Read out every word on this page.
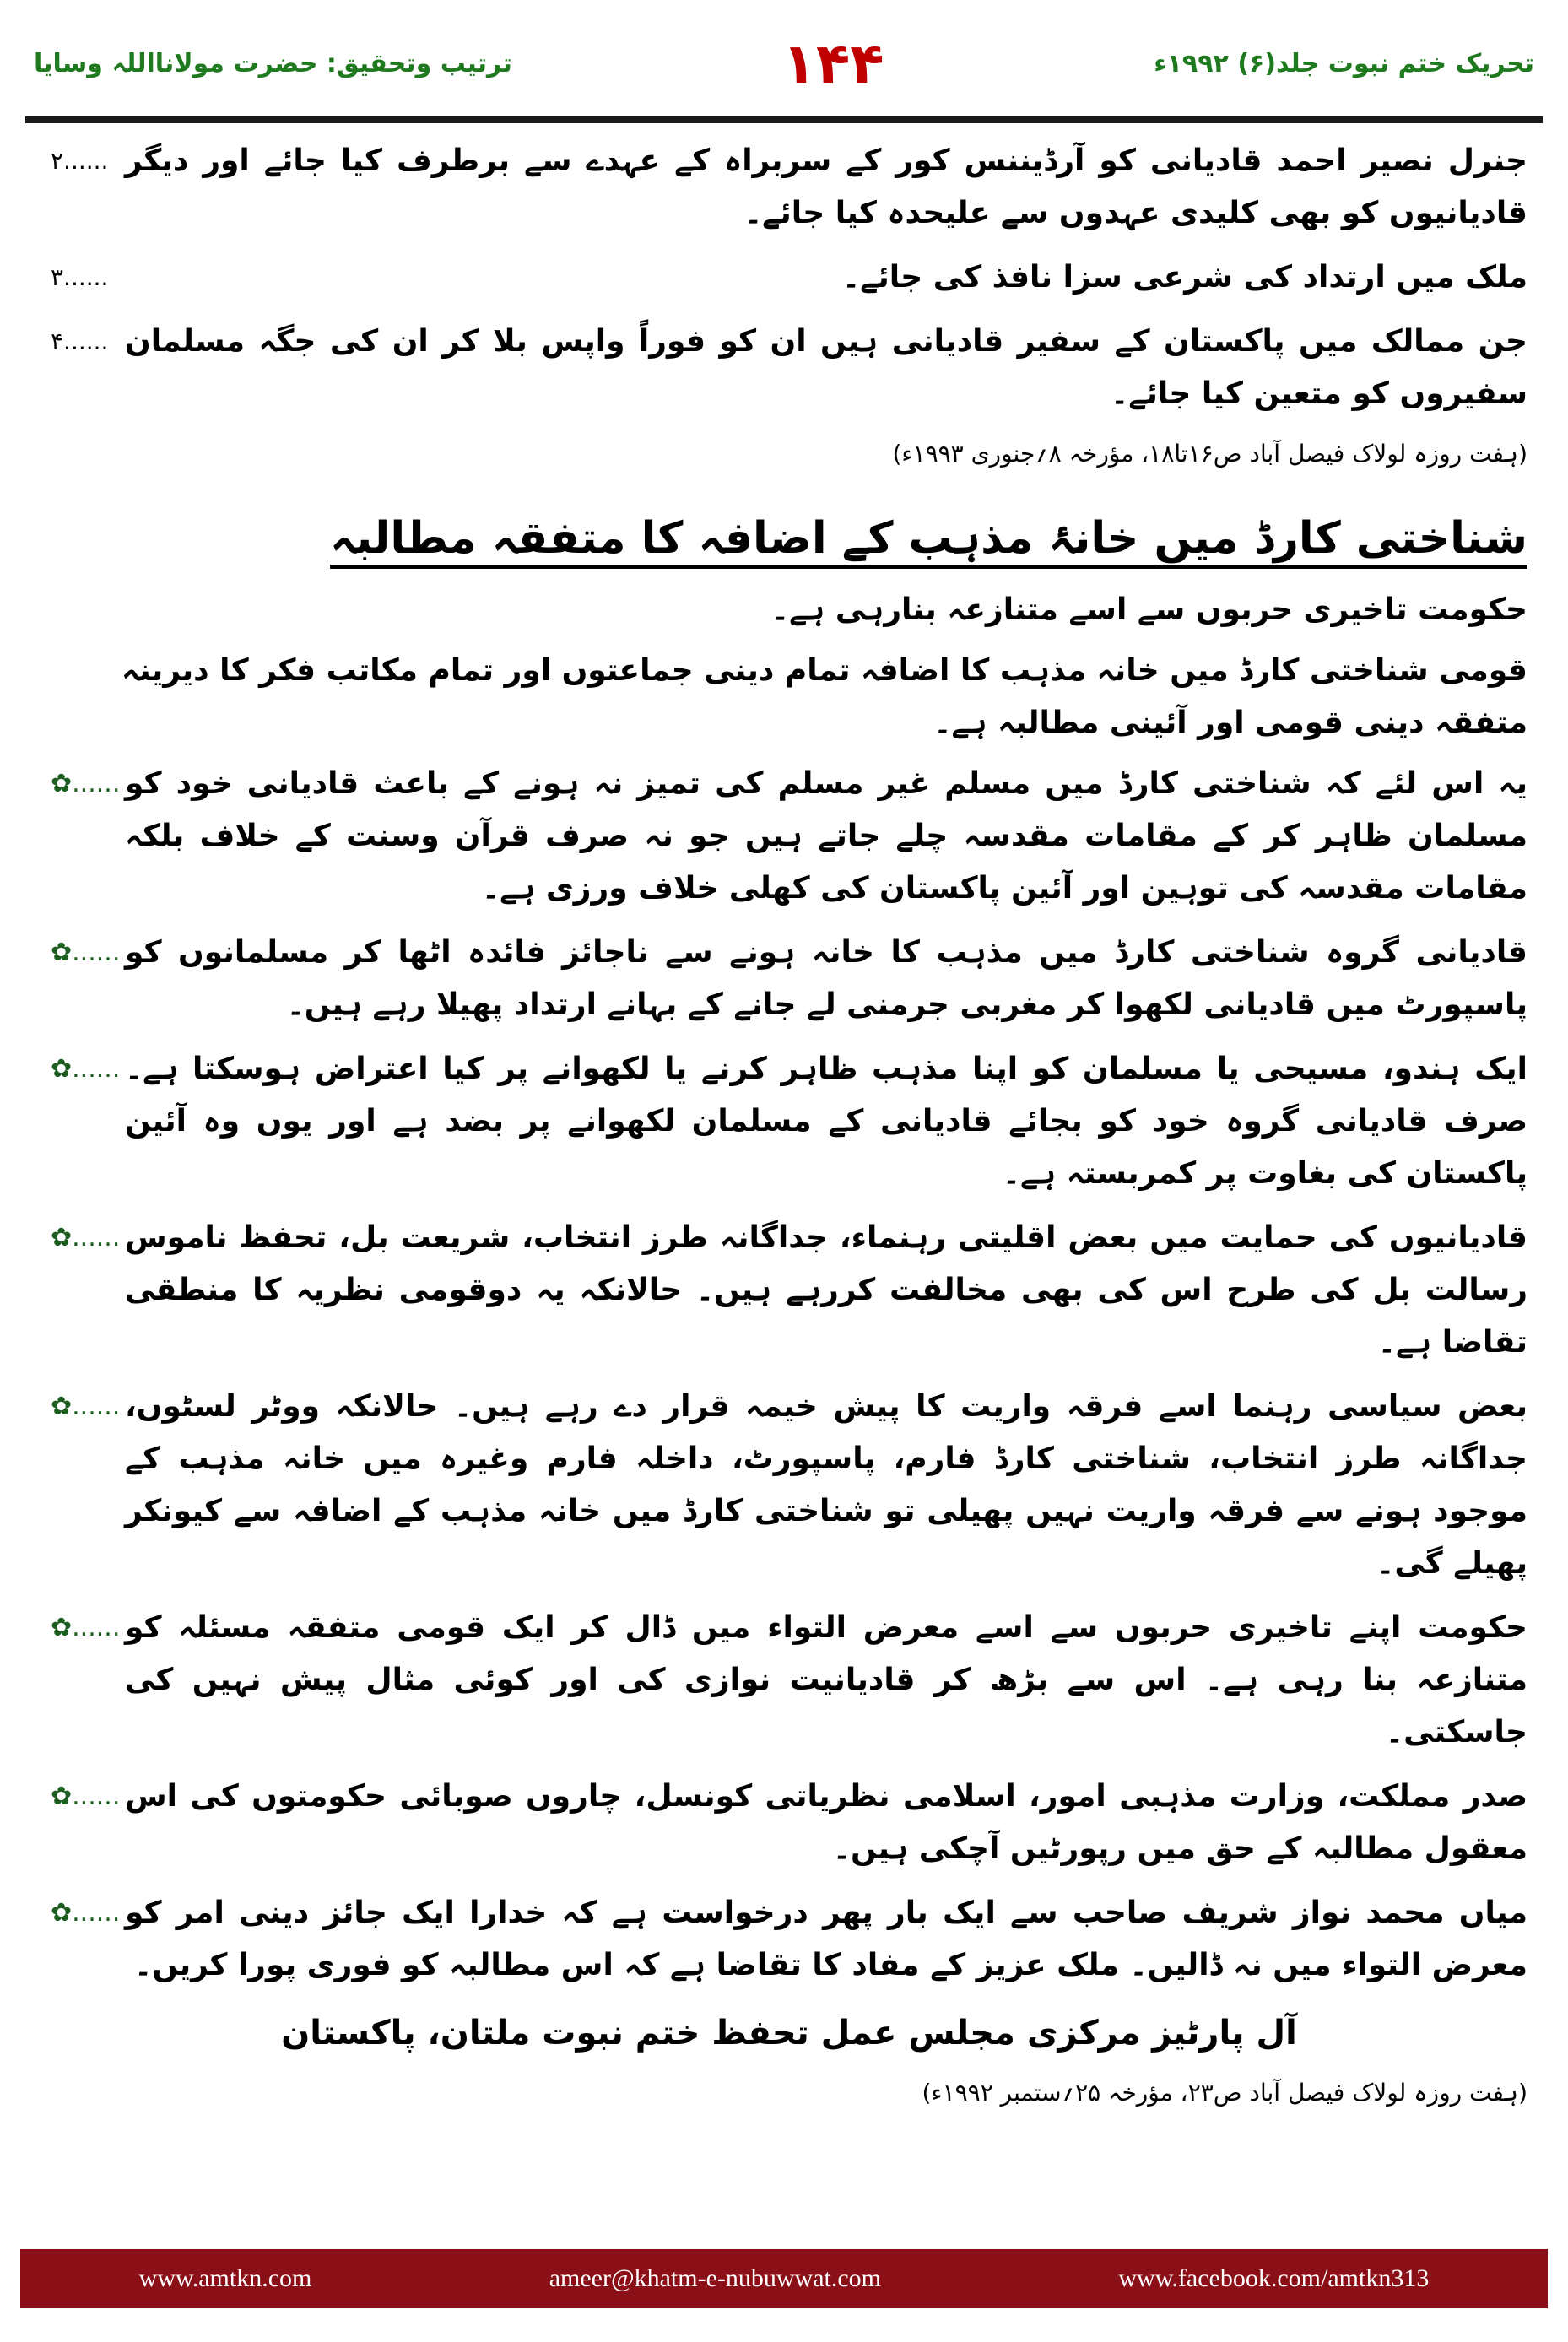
ترتیب وتحقیق: حضرت مولانااللہ وسایا	۱۴۴	تحریک ختم نبوت جلد(۶) ۱۹۹۲ء
جنرل نصیر احمد قادیانی کو آرڈیننس کور کے سربراہ کے عہدے سے برطرف کیا جائے اور دیگر قادیانیوں کو بھی کلیدی عہدوں سے علیحدہ کیا جائے۔
۲......
ملک میں ارتداد کی شرعی سزا نافذ کی جائے۔
۳......
جن ممالک میں پاکستان کے سفیر قادیانی ہیں ان کو فوراً واپس بلا کر ان کی جگہ مسلمان سفیروں کو متعین کیا جائے۔
۴......
(ہفت روزہ لولاک فیصل آباد ص۱۶تا۱۸، مؤرخہ ۸؍جنوری ۱۹۹۳ء)
شناختی کارڈ میں خانۂ مذہب کے اضافہ کا متفقہ مطالبہ
حکومت تاخیری حربوں سے اسے متنازعہ بنارہی ہے۔
قومی شناختی کارڈ میں خانہ مذہب کا اضافہ تمام دینی جماعتوں اور تمام مکاتب فکر کا دیرینہ متفقہ دینی قومی اور آئینی مطالبہ ہے۔
یہ اس لئے کہ شناختی کارڈ میں مسلم غیر مسلم کی تمیز نہ ہونے کے باعث قادیانی خود کو مسلمان ظاہر کر کے مقامات مقدسہ چلے جاتے ہیں جو نہ صرف قرآن وسنت کے خلاف بلکہ مقامات مقدسہ کی توہین اور آئین پاکستان کی کھلی خلاف ورزی ہے۔
✿......
قادیانی گروہ شناختی کارڈ میں مذہب کا خانہ ہونے سے ناجائز فائدہ اٹھا کر مسلمانوں کو پاسپورٹ میں قادیانی لکھوا کر مغربی جرمنی لے جانے کے بہانے ارتداد پھیلا رہے ہیں۔
✿......
ایک ہندو، مسیحی یا مسلمان کو اپنا مذہب ظاہر کرنے یا لکھوانے پر کیا اعتراض ہوسکتا ہے۔ صرف قادیانی گروہ خود کو بجائے قادیانی کے مسلمان لکھوانے پر بضد ہے اور یوں وہ آئین پاکستان کی بغاوت پر کمربستہ ہے۔
✿......
قادیانیوں کی حمایت میں بعض اقلیتی رہنماء، جداگانہ طرز انتخاب، شریعت بل، تحفظ ناموس رسالت بل کی طرح اس کی بھی مخالفت کررہے ہیں۔ حالانکہ یہ دوقومی نظریہ کا منطقی تقاضا ہے۔
✿......
بعض سیاسی رہنما اسے فرقہ واریت کا پیش خیمہ قرار دے رہے ہیں۔ حالانکہ ووٹر لسٹوں، جداگانہ طرز انتخاب، شناختی کارڈ فارم، پاسپورٹ، داخلہ فارم وغیرہ میں خانہ مذہب کے موجود ہونے سے فرقہ واریت نہیں پھیلی تو شناختی کارڈ میں خانہ مذہب کے اضافہ سے کیونکر پھیلے گی۔
✿......
حکومت اپنے تاخیری حربوں سے اسے معرض التواء میں ڈال کر ایک قومی متفقہ مسئلہ کو متنازعہ بنا رہی ہے۔ اس سے بڑھ کر قادیانیت نوازی کی اور کوئی مثال پیش نہیں کی جاسکتی۔
✿......
صدر مملکت، وزارت مذہبی امور، اسلامی نظریاتی کونسل، چاروں صوبائی حکومتوں کی اس معقول مطالبہ کے حق میں رپورٹیں آچکی ہیں۔
✿......
میاں محمد نواز شریف صاحب سے ایک بار پھر درخواست ہے کہ خدارا ایک جائز دینی امر کو معرض التواء میں نہ ڈالیں۔ ملک عزیز کے مفاد کا تقاضا ہے کہ اس مطالبہ کو فوری پورا کریں۔
✿......
آل پارٹیز مرکزی مجلس عمل تحفظ ختم نبوت ملتان، پاکستان
(ہفت روزہ لولاک فیصل آباد ص۲۳، مؤرخہ ۲۵؍ستمبر ۱۹۹۲ء)
www.amtkn.com	ameer@khatm-e-nubuwwat.com	www.facebook.com/amtkn313
